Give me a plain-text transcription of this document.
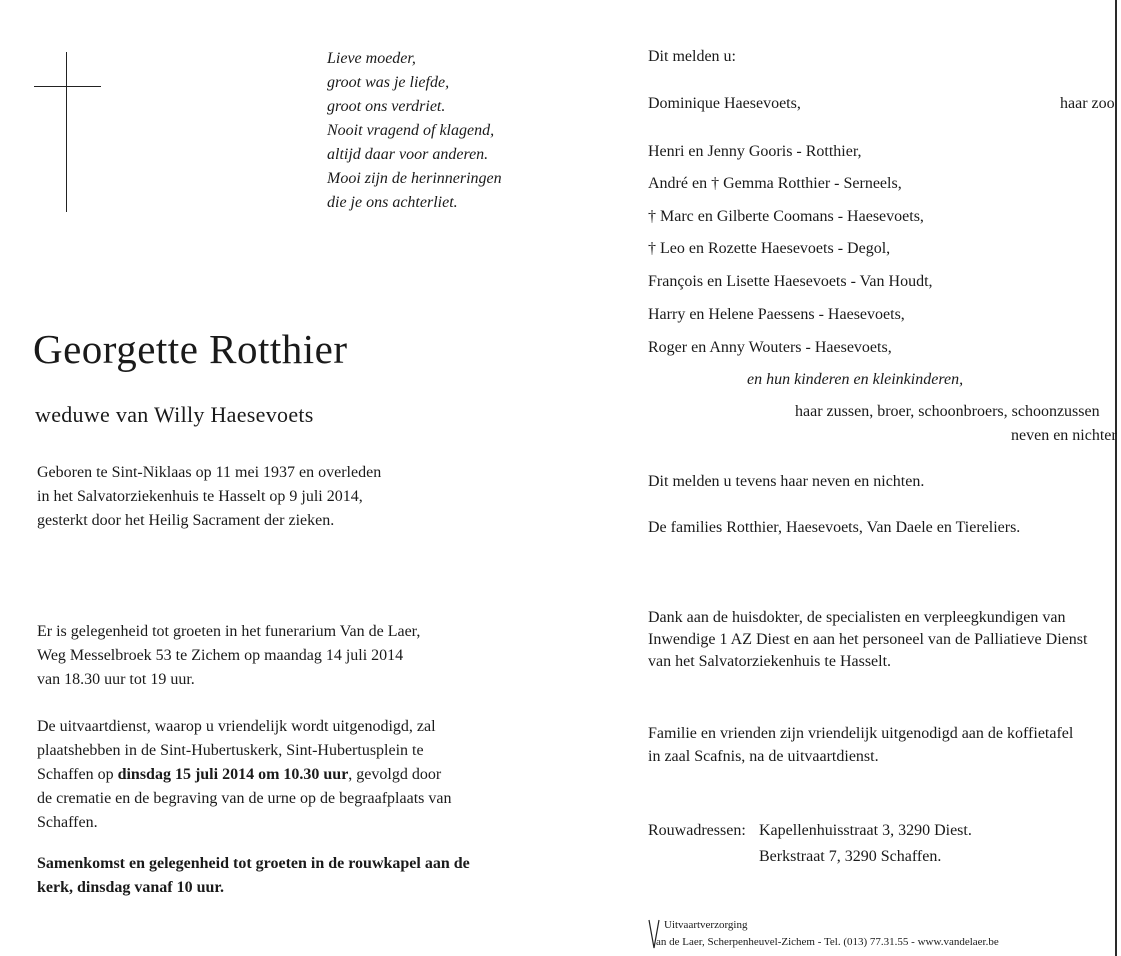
Lieve moeder,
groot was je liefde,
groot ons verdriet.
Nooit vragend of klagend,
altijd daar voor anderen.
Mooi zijn de herinneringen
die je ons achterliet.
Georgette Rotthier
weduwe van Willy Haesevoets
Geboren te Sint-Niklaas op 11 mei 1937 en overleden
in het Salvatorziekenhuis te Hasselt op 9 juli 2014,
gesterkt door het Heilig Sacrament der zieken.
Er is gelegenheid tot groeten in het funerarium Van de Laer,
Weg Messelbroek 53 te Zichem op maandag 14 juli 2014
van 18.30 uur tot 19 uur.
De uitvaartdienst, waarop u vriendelijk wordt uitgenodigd, zal
plaatshebben in de Sint-Hubertuskerk, Sint-Hubertusplein te
Schaffen op dinsdag 15 juli 2014 om 10.30 uur, gevolgd door
de crematie en de begraving van de urne op de begraafplaats van
Schaffen.
Samenkomst en gelegenheid tot groeten in de rouwkapel aan de
kerk, dinsdag vanaf 10 uur.
Dit melden u:
Dominique Haesevoets,	haar zoo
Henri en Jenny Gooris - Rotthier,
André en † Gemma Rotthier - Serneels,
† Marc en Gilberte Coomans - Haesevoets,
† Leo en Rozette Haesevoets - Degol,
François en Lisette Haesevoets - Van Houdt,
Harry en Helene Paessens - Haesevoets,
Roger en Anny Wouters - Haesevoets,
en hun kinderen en kleinkinderen,
haar zussen, broer, schoonbroers, schoonzussen
neven en nichter
Dit melden u tevens haar neven en nichten.
De families Rotthier, Haesevoets, Van Daele en Tiereliers.
Dank aan de huisdokter, de specialisten en verpleegkundigen van
Inwendige 1 AZ Diest en aan het personeel van de Palliatieve Dienst
van het Salvatorziekenhuis te Hasselt.
Familie en vrienden zijn vriendelijk uitgenodigd aan de koffietafel
in zaal Scafnis, na de uitvaartdienst.
Rouwadressen: Kapellenhuisstraat 3, 3290 Diest.
Berkstraat 7, 3290 Schaffen.
Uitvaartverzorging
an de Laer, Scherpenheuvel-Zichem - Tel. (013) 77.31.55 - www.vandelaer.be
